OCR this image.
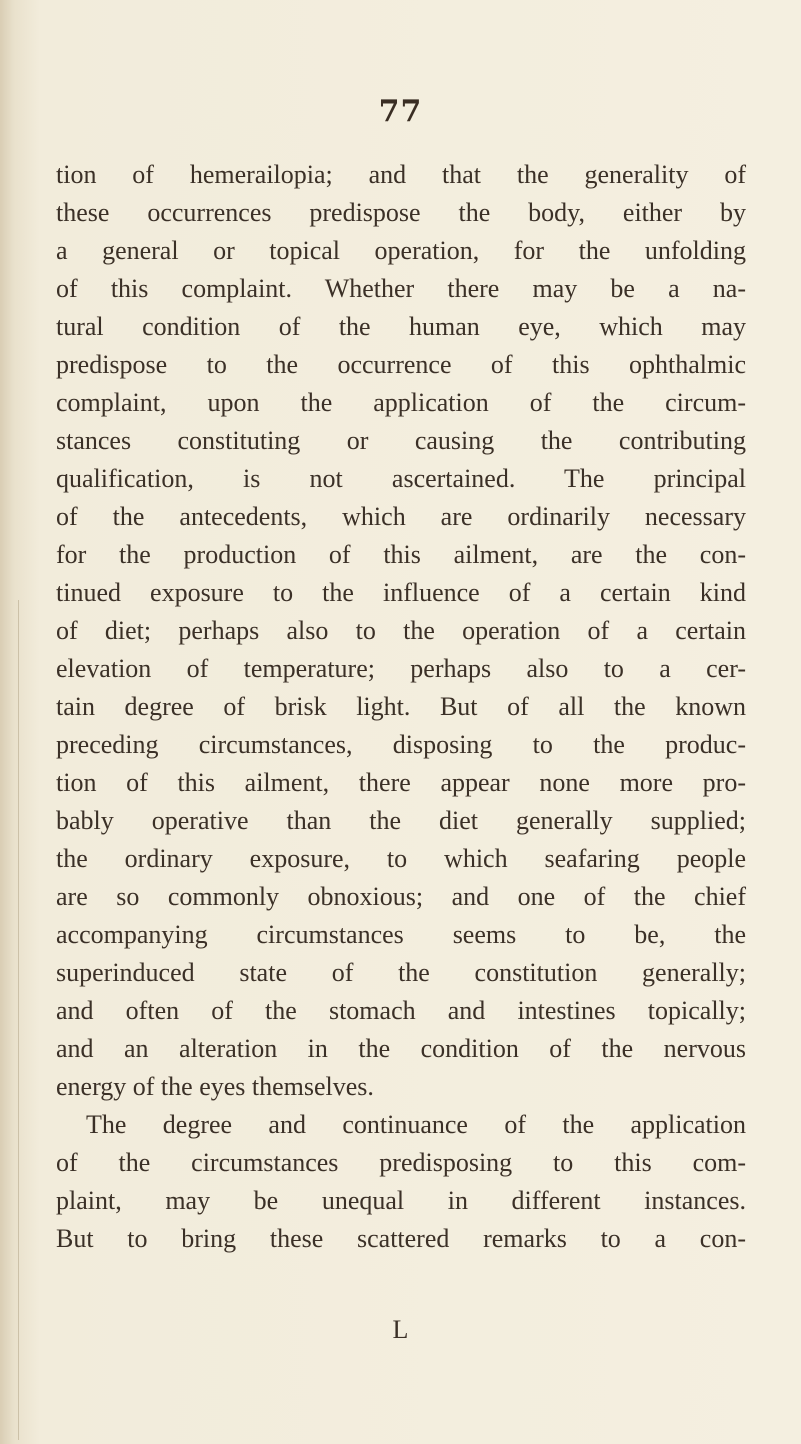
77
tion of hemerailopia; and that the generality of
these occurrences predispose the body, either by
a general or topical operation, for the unfolding
of this complaint. Whether there may be a na-
tural condition of the human eye, which may
predispose to the occurrence of this ophthalmic
complaint, upon the application of the circum-
stances constituting or causing the contributing
qualification, is not ascertained. The principal
of the antecedents, which are ordinarily necessary
for the production of this ailment, are the con-
tinued exposure to the influence of a certain kind
of diet; perhaps also to the operation of a certain
elevation of temperature; perhaps also to a cer-
tain degree of brisk light. But of all the known
preceding circumstances, disposing to the produc-
tion of this ailment, there appear none more pro-
bably operative than the diet generally supplied;
the ordinary exposure, to which seafaring people
are so commonly obnoxious; and one of the chief
accompanying circumstances seems to be, the
superinduced state of the constitution generally;
and often of the stomach and intestines topically;
and an alteration in the condition of the nervous
energy of the eyes themselves.
The degree and continuance of the application
of the circumstances predisposing to this com-
plaint, may be unequal in different instances.
But to bring these scattered remarks to a con-
L
